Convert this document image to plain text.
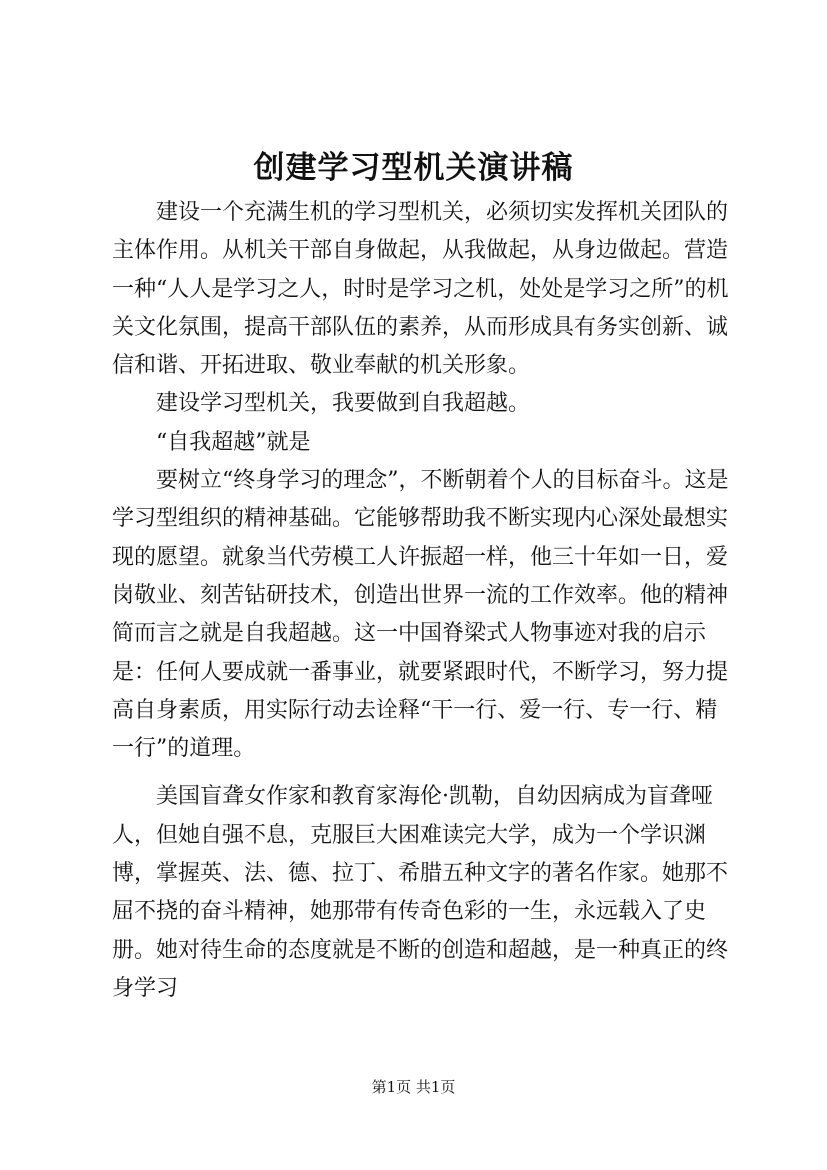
创建学习型机关演讲稿

建设一个充满生机的学习型机关，必须切实发挥机关团队的主体作用。从机关干部自身做起，从我做起，从身边做起。营造一种“人人是学习之人，时时是学习之机，处处是学习之所”的机关文化氛围，提高干部队伍的素养，从而形成具有务实创新、诚信和谐、开拓进取、敬业奉献的机关形象。

建设学习型机关，我要做到自我超越。

“自我超越”就是

要树立“终身学习的理念”，不断朝着个人的目标奋斗。这是学习型组织的精神基础。它能够帮助我不断实现内心深处最想实现的愿望。就象当代劳模工人许振超一样，他三十年如一日，爱岗敬业、刻苦钻研技术，创造出世界一流的工作效率。他的精神简而言之就是自我超越。这一中国脊梁式人物事迹对我的启示是：任何人要成就一番事业，就要紧跟时代，不断学习，努力提高自身素质，用实际行动去诠释“干一行、爱一行、专一行、精一行”的道理。

美国盲聋女作家和教育家海伦·凯勒，自幼因病成为盲聋哑人，但她自强不息，克服巨大困难读完大学，成为一个学识渊博，掌握英、法、德、拉丁、希腊五种文字的著名作家。她那不屈不挠的奋斗精神，她那带有传奇色彩的一生，永远载入了史册。她对待生命的态度就是不断的创造和超越，是一种真正的终身学习

第1页 共1页
